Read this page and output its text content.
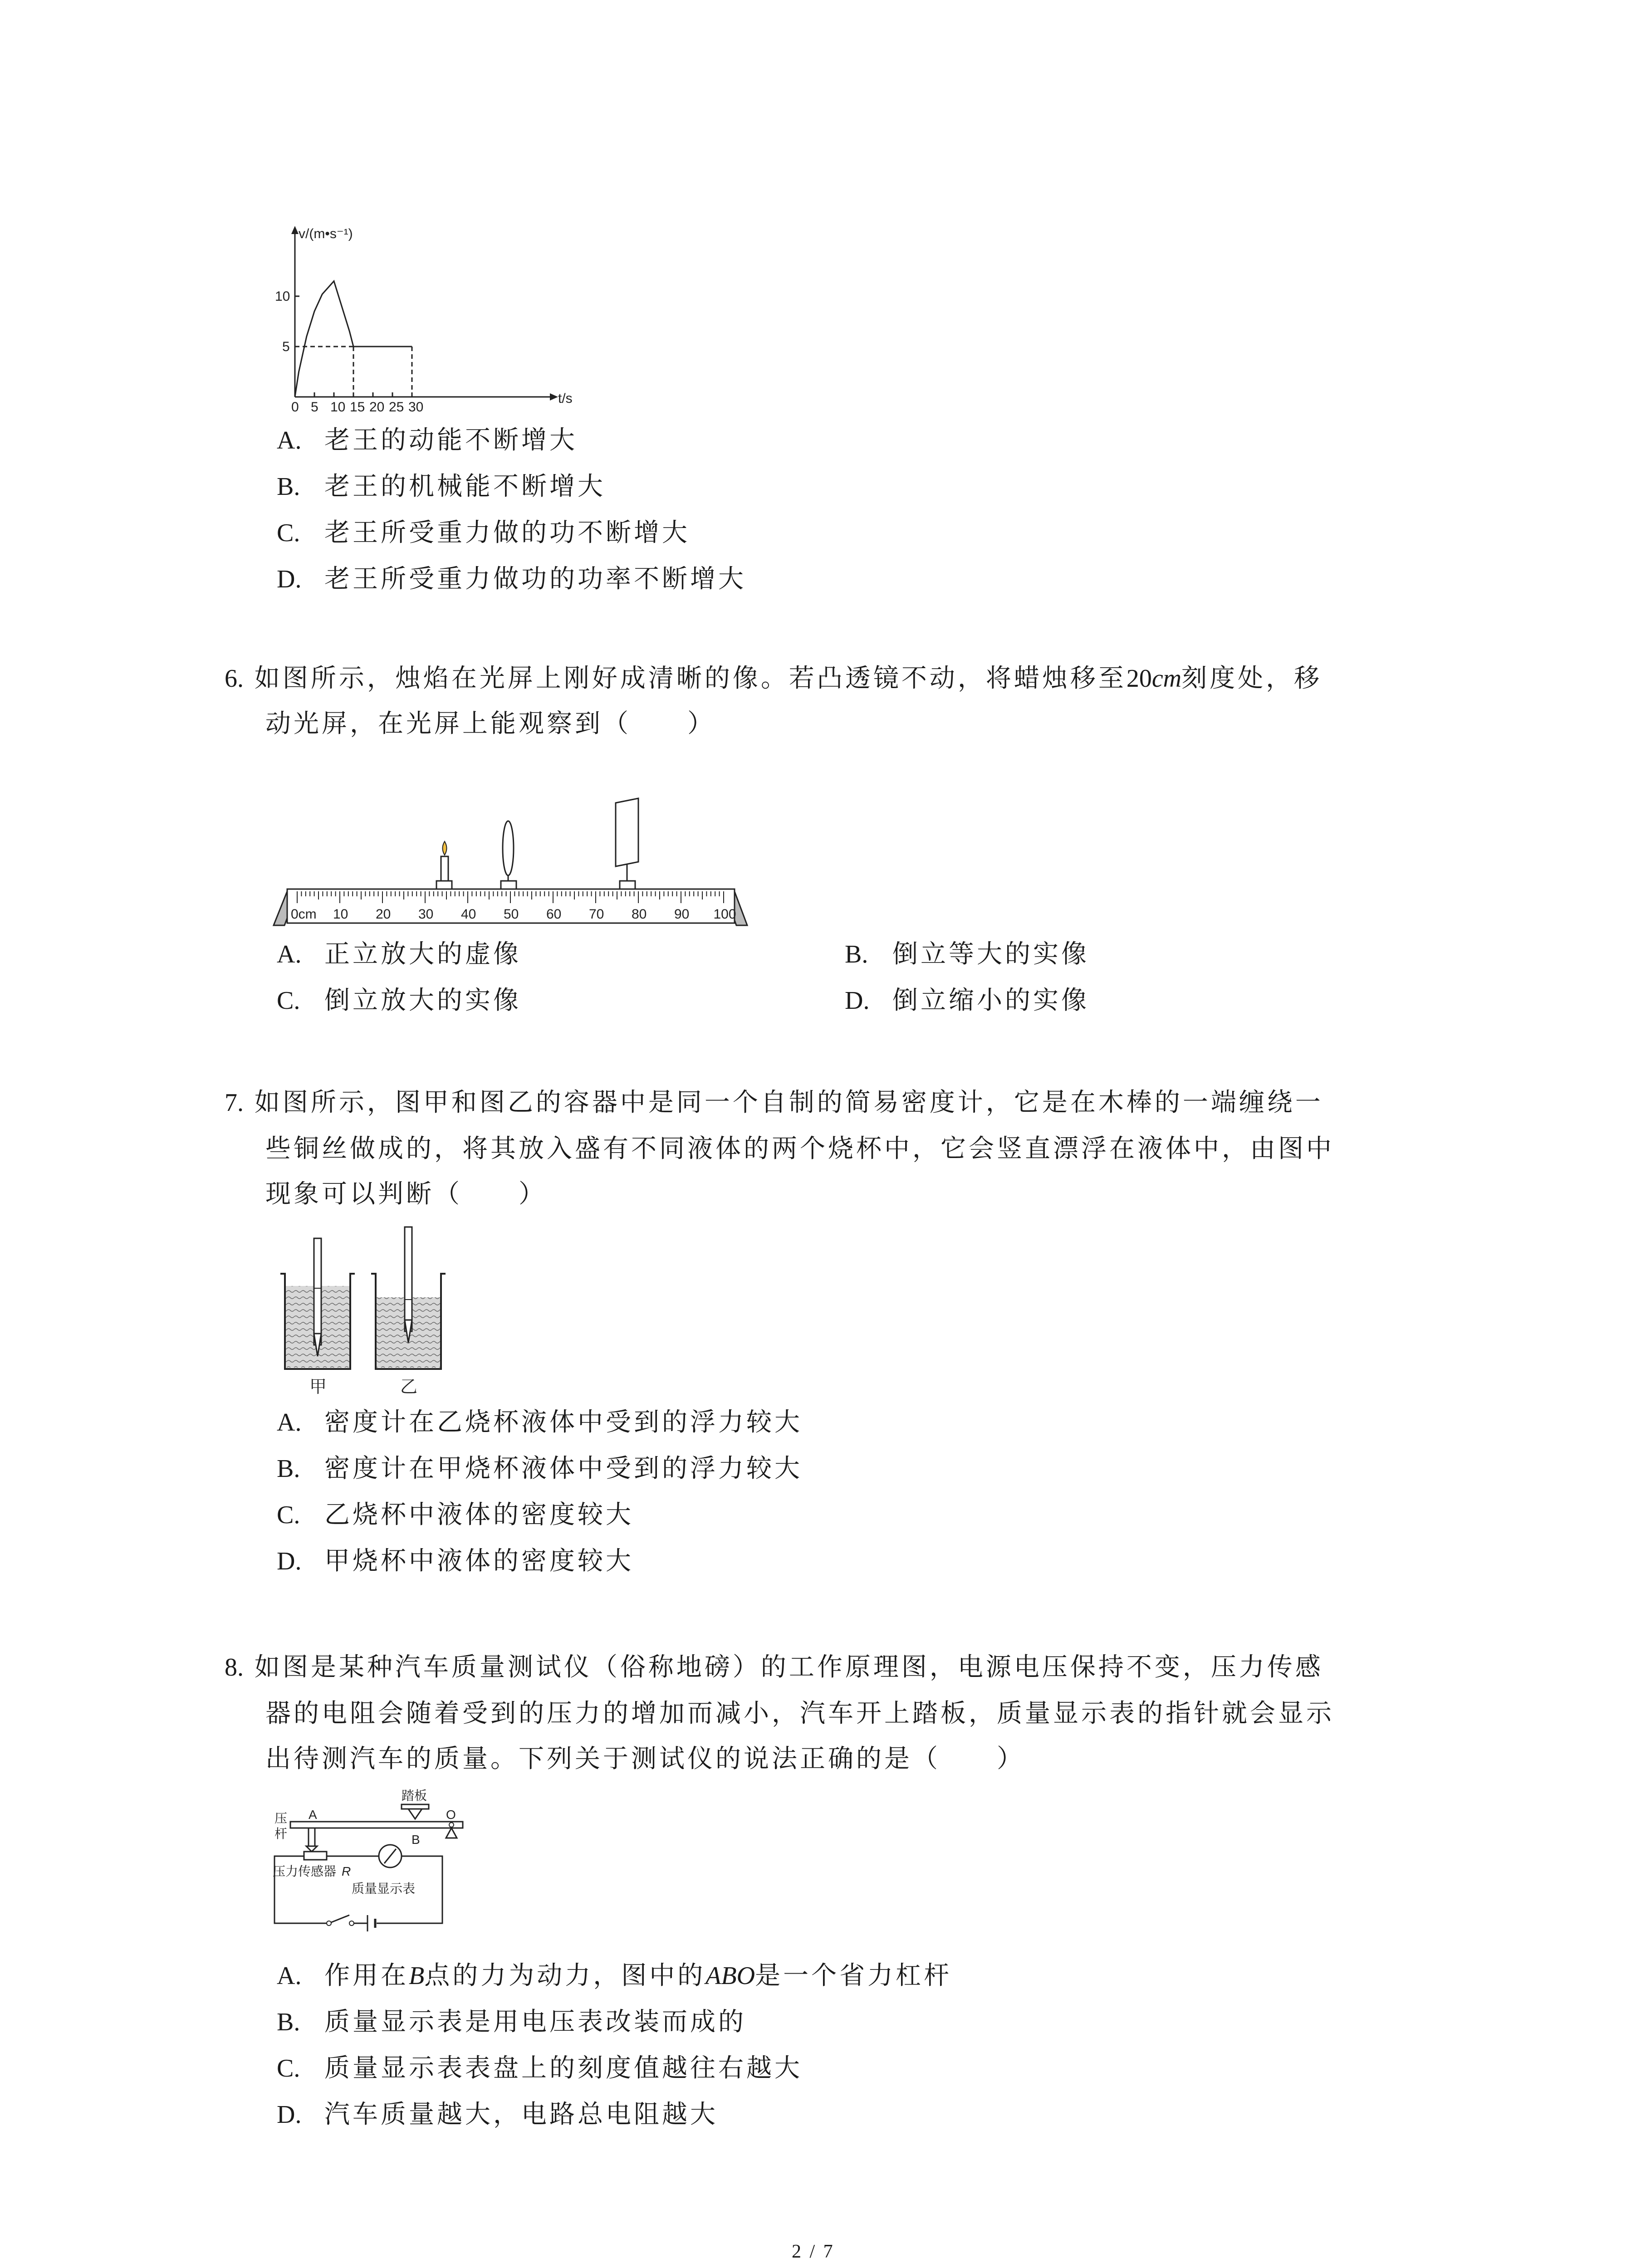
v/(m•s⁻¹)
t/s
0 5 10 15 20 25 30
5
10
A. 老王的动能不断增大
B. 老王的机械能不断增大
C. 老王所受重力做的功不断增大
D. 老王所受重力做功的功率不断增大
6. 如图所示，烛焰在光屏上刚好成清晰的像。若凸透镜不动，将蜡烛移至20cm刻度处，移
动光屏，在光屏上能观察到（　　）
0cm 10 20 30 40 50 60 70 80 90 100
A. 正立放大的虚像	B. 倒立等大的实像
C. 倒立放大的实像	D. 倒立缩小的实像
7. 如图所示，图甲和图乙的容器中是同一个自制的简易密度计，它是在木棒的一端缠绕一
些铜丝做成的，将其放入盛有不同液体的两个烧杯中，它会竖直漂浮在液体中，由图中
现象可以判断（　　）
甲	乙
A. 密度计在乙烧杯液体中受到的浮力较大
B. 密度计在甲烧杯液体中受到的浮力较大
C. 乙烧杯中液体的密度较大
D. 甲烧杯中液体的密度较大
8. 如图是某种汽车质量测试仪（俗称地磅）的工作原理图，电源电压保持不变，压力传感
器的电阻会随着受到的压力的增加而减小，汽车开上踏板，质量显示表的指针就会显示
出待测汽车的质量。下列关于测试仪的说法正确的是（　　）
踏板
压
杆
A
B
O
压力传感器 R
质量显示表
A. 作用在B点的力为动力，图中的ABO是一个省力杠杆
B. 质量显示表是用电压表改装而成的
C. 质量显示表表盘上的刻度值越往右越大
D. 汽车质量越大，电路总电阻越大
2 / 7
